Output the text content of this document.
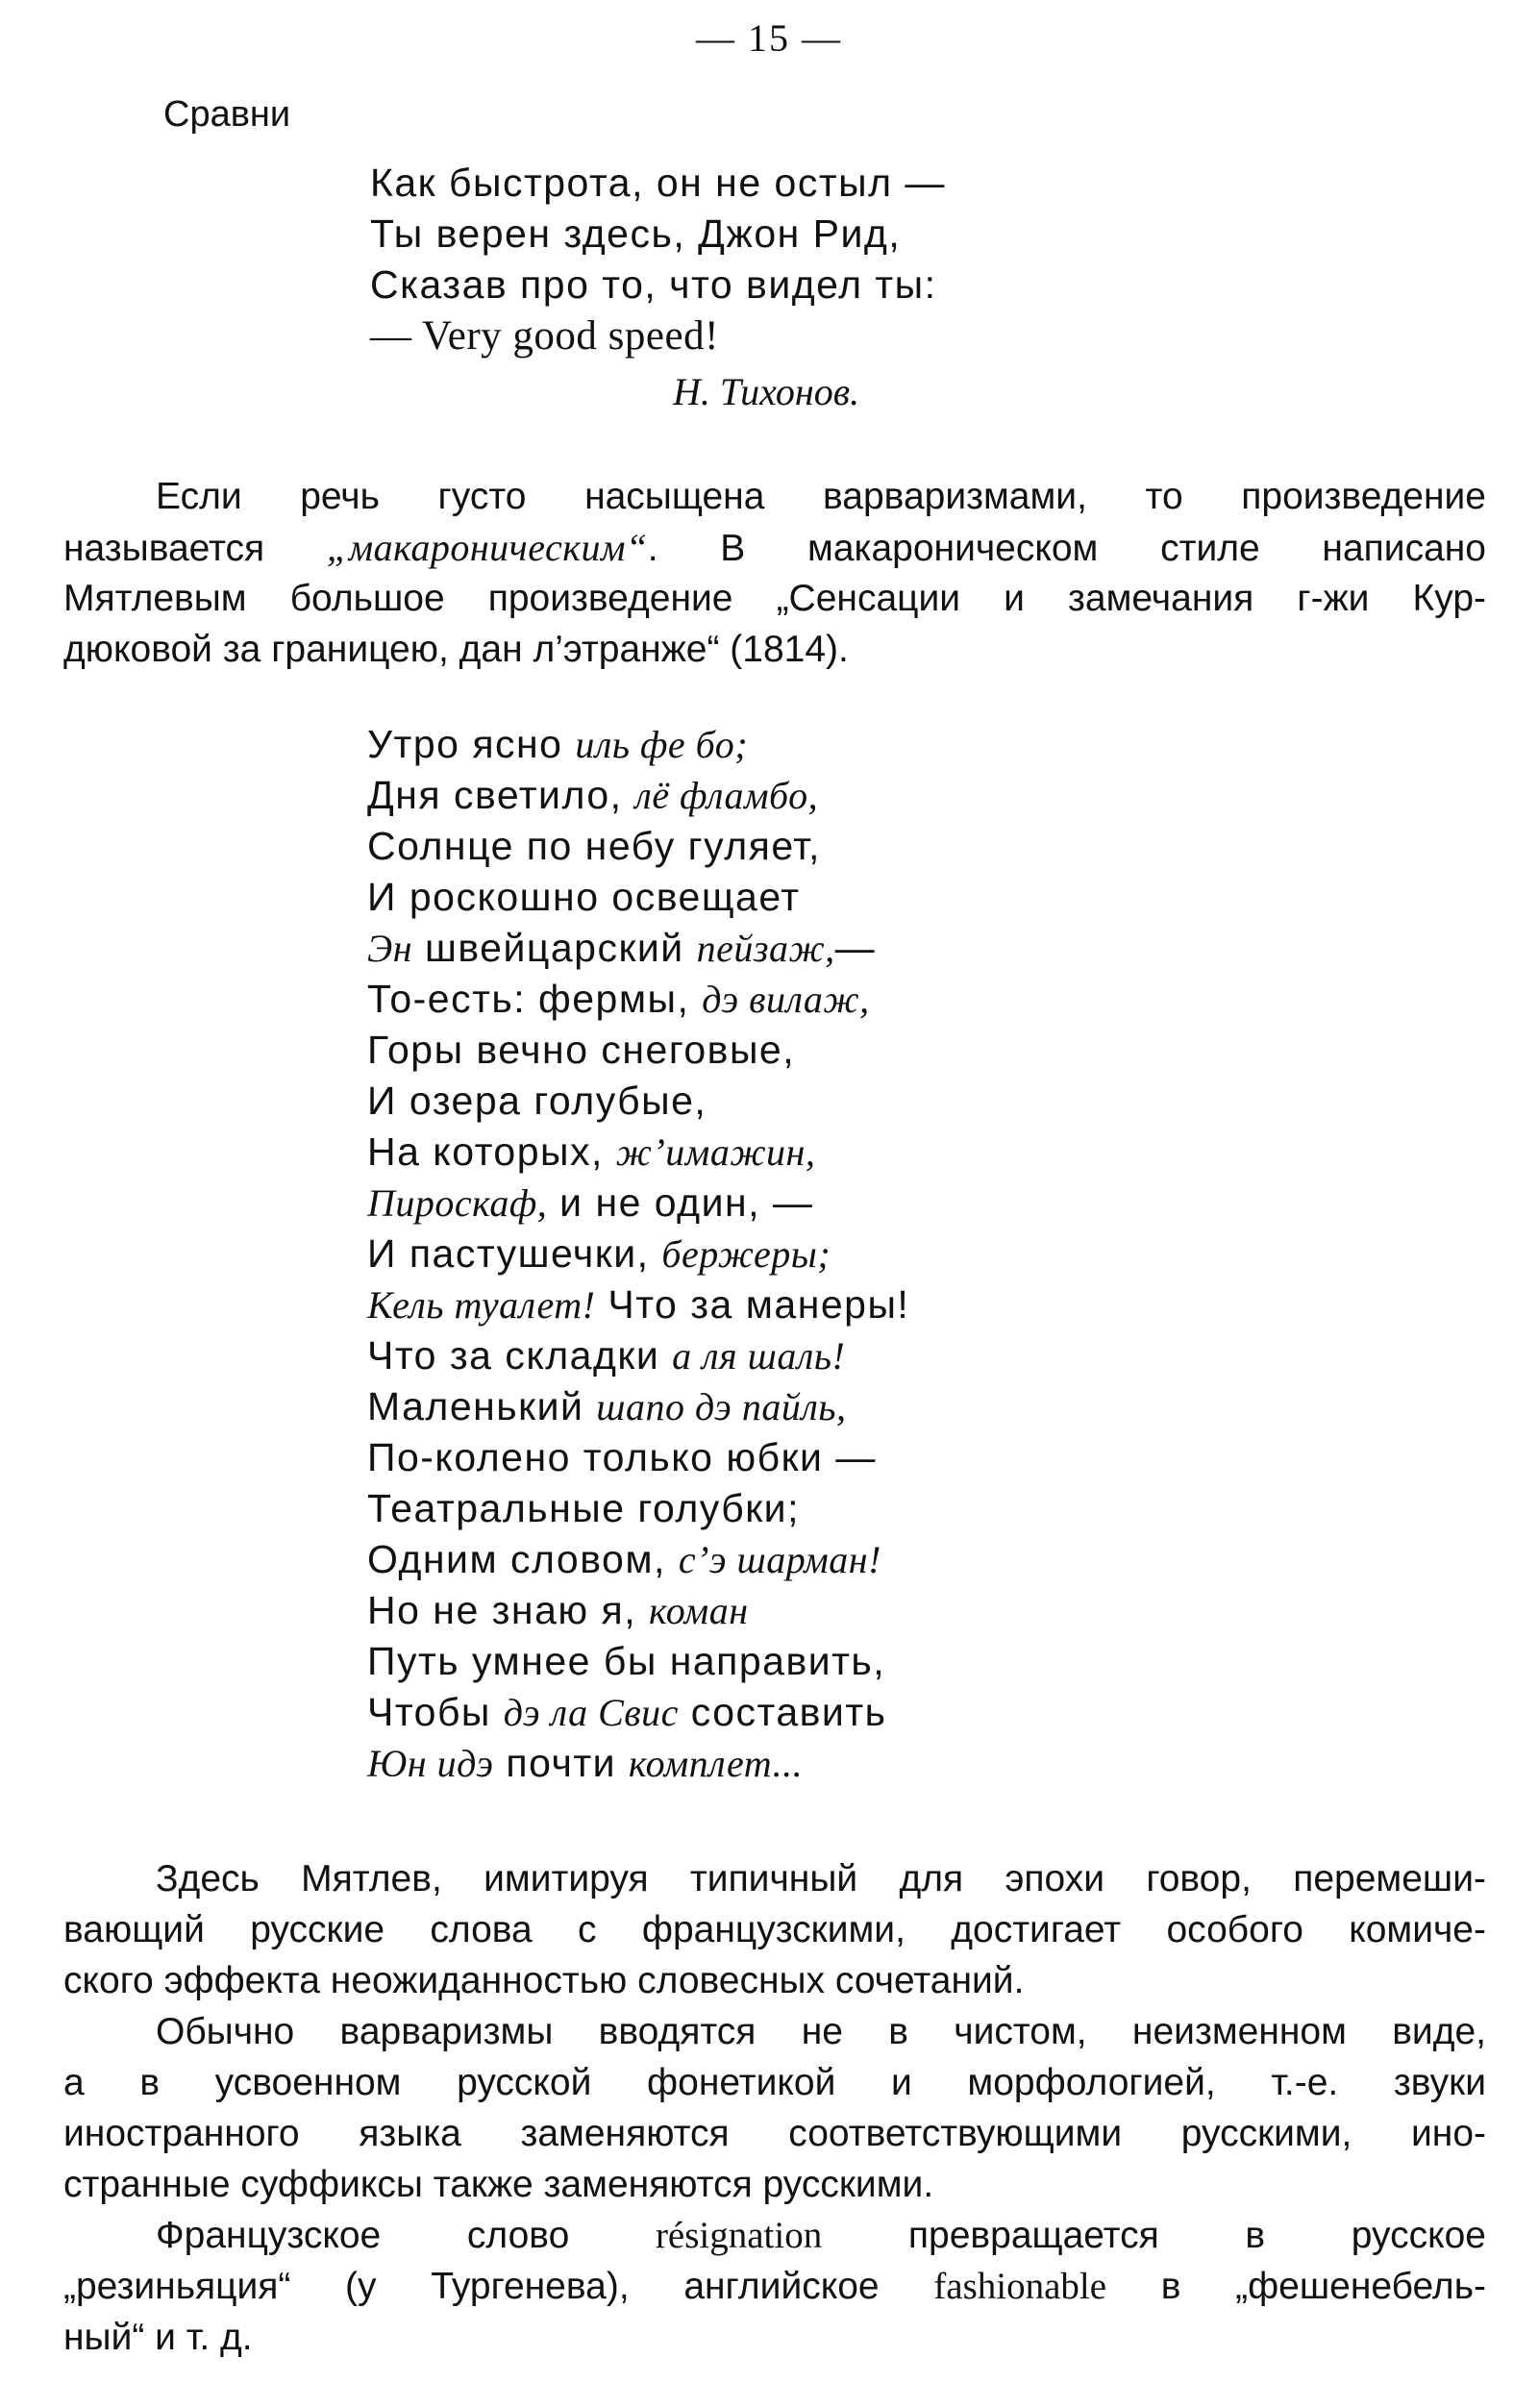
— 15 —
Сравни
Как быстрота, он не остыл —
Ты верен здесь, Джон Рид,
Сказав про то, что видел ты:
— Very good speed!
Н. Тихонов.
Если речь густо насыщена варваризмами, то произведение
называется „макароническим“. В макароническом стиле написано
Мятлевым большое произведение „Сенсации и замечания г-жи Кур-
дюковой за границею, дан л’этранже“ (1814).
Утро ясно иль фе бо;
Дня светило, лё фламбо,
Солнце по небу гуляет,
И роскошно освещает
Эн швейцарский пейзаж,—
То-есть: фермы, дэ вилаж,
Горы вечно снеговые,
И озера голубые,
На которых, ж’имажин,
Пироскаф, и не один, —
И пастушечки, бержеры;
Кель туалет! Что за манеры!
Что за складки а ля шаль!
Маленький шапо дэ пайль,
По-колено только юбки —
Театральные голубки;
Одним словом, с’э шарман!
Но не знаю я, коман
Путь умнее бы направить,
Чтобы дэ ла Свис составить
Юн идэ почти комплет...
Здесь Мятлев, имитируя типичный для эпохи говор, перемеши-
вающий русские слова с французскими, достигает особого комиче-
ского эффекта неожиданностью словесных сочетаний.
Обычно варваризмы вводятся не в чистом, неизменном виде,
а в усвоенном русской фонетикой и морфологией, т.-е. звуки
иностранного языка заменяются соответствующими русскими, ино-
странные суффиксы также заменяются русскими.
Французское слово résignation превращается в русское
„резиньяция“ (у Тургенева), английское fashionable в „фешенебель-
ный“ и т. д.
